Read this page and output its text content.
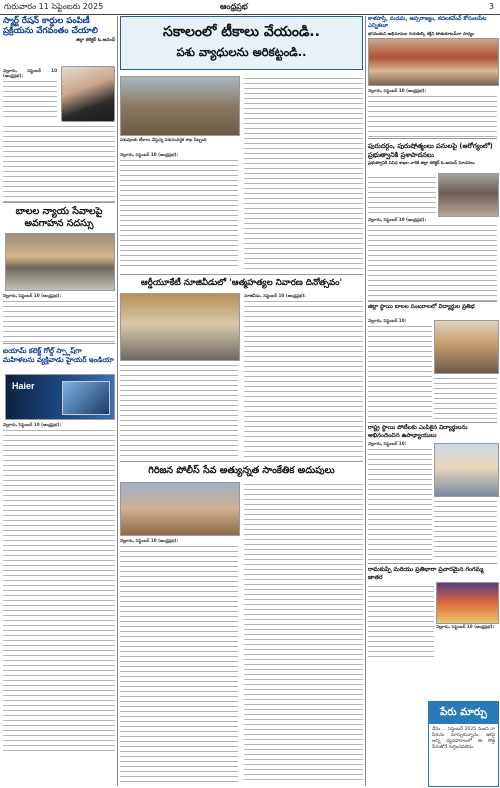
గురువారం 11 సెప్టెంబరు 2025	ఆంధ్రప్రభ	3

స్మార్ట్ రేషన్ కార్డుల పంపిణీ ప్రక్రియను వేగవంతం చేయాలి

జిల్లా కలెక్టర్ ఓ.ఆనంద్

నెల్లూరు, సెప్టెంబర్ 10 (ఆంధ్రప్రభ):

బాలల న్యాయ సేవాలపై అవగాహన సదస్సు

నెల్లూరు, సెప్టెంబర్ 10 (ఆంధ్రప్రభ):

ఐయామ్ కలెక్ట్ గోల్డ్ స్ప్లాష్‌గా మహిళలను వ్యక్తివాడు హైయర్ ఇండియా

Haier

నెల్లూరు, సెప్టెంబర్ 10 (ఆంధ్రప్రభ):

సకాలంలో టీకాలు వేయండి..

పశు వ్యాధులను అరికట్టండి..

పశువులకు టీకాలు వేస్తున్న పశుసంవర్ధక శాఖ సిబ్బంది

నెల్లూరు, సెప్టెంబర్ 10 (ఆంధ్రప్రభ):

ఆర్డీయూకేటీ నూజివీడులో 'ఆత్మహత్యల నివారణ దినోత్సవం'

నూజివీడు, సెప్టెంబర్ 10 (ఆంధ్రప్రభ):

గిరిజన పోలీస్ సేవ అత్యున్నత సాంకేతిక అదుపులు

నెల్లూరు, సెప్టెంబర్ 10 (ఆంధ్రప్రభ):

కాళహస్తి, మడమ, అప్సరాజ్యం, కదలకమేచ్ కోసంలపేట ఎన్నికలూ

భగవంతుని అభిమానుల గురుకుల్కి శక్తిని తాతుకూటమ్‌గా సాధ్యం

నెల్లూరు, సెప్టెంబర్ 10 (ఆంధ్రప్రభ):

పురుదర్గం, పురుషోత్మంలు పనులపై (ఆరోగ్యంలో) ప్రభుత్వానికి ప్రశాపాదనలు

ప్రభుత్వానికి వివిధ శాఖల వారికి జిల్లా కలెక్టర్ ఓ.ఆనంద్ సూచనలు

నెల్లూరు, సెప్టెంబర్ 10 (ఆంధ్రప్రభ):

జిల్లా స్థాయి బాలల సంబరాలలో విద్యార్థుల ప్రతిభ

నెల్లూరు, సెప్టెంబర్ 10:

రాష్ట్ర స్థాయి పోటీలకు ఎంపికైన విద్యార్థులను అభినందించిన ఉపాధ్యాయులు

నెల్లూరు, సెప్టెంబర్ 10:

రామకుప్పి మరియు ప్రతిభారా ప్రచారమైన గంగమ్మ జాతర

నెల్లూరు, సెప్టెంబర్ 10 (ఆంధ్రప్రభ):

పేరు మార్పు

నేను ... సెప్టెంబర్ 2025 నుంచి నా పేరును మార్చుకున్నాను. ఇకపై అన్ని వ్యవహారాలలో ఈ కొత్త పేరుతోనే గుర్తించవలెను.
